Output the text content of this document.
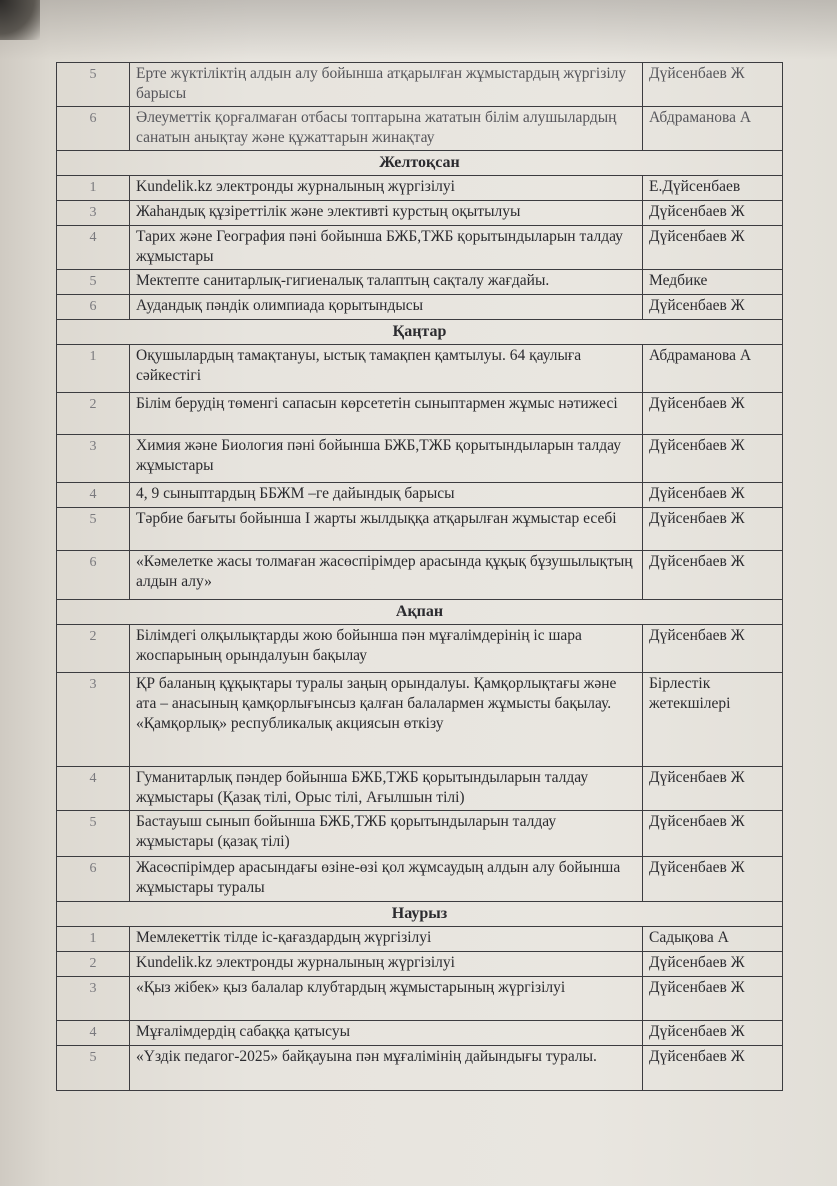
5	Ерте жүктіліктің алдын алу бойынша атқарылған жұмыстардың жүргізілу барысы	Дүйсенбаев Ж
6	Әлеуметтік қорғалмаған отбасы топтарына жататын білім алушылардың санатын анықтау және құжаттарын жинақтау	Абдраманова А
Желтоқсан		
1	Kundelik.kz электронды журналының жүргізілуі	Е.Дүйсенбаев
3	Жаһандық құзіреттілік және элективті курстың оқытылуы	Дүйсенбаев Ж
4	Тарих және География пәні бойынша БЖБ,ТЖБ қорытындыларын талдау жұмыстары	Дүйсенбаев Ж
5	Мектепте санитарлық-гигиеналық талаптың сақталу жағдайы.	Медбике
6	Аудандық пәндік олимпиада қорытындысы	Дүйсенбаев Ж
Қаңтар		
1	Оқушылардың тамақтануы, ыстық тамақпен қамтылуы. 64 қаулыға сәйкестігі	Абдраманова А
2	Білім берудің төменгі сапасын көрсететін сыныптармен жұмыс нәтижесі	Дүйсенбаев Ж
3	Химия және Биология пәні бойынша БЖБ,ТЖБ қорытындыларын талдау жұмыстары	Дүйсенбаев Ж
4	4, 9 сыныптардың ББЖМ –ге дайындық барысы	Дүйсенбаев Ж
5	Тәрбие бағыты бойынша І жарты жылдыққа атқарылған жұмыстар есебі	Дүйсенбаев Ж
6	«Кәмелетке жасы толмаған жасөспірімдер арасында құқық бұзушылықтың алдын алу»	Дүйсенбаев Ж
Ақпан		
2	Білімдегі олқылықтарды жою бойынша пән мұғалімдерінің іс шара жоспарының орындалуын бақылау	Дүйсенбаев Ж
3	ҚР баланың құқықтары туралы заңың орындалуы. Қамқорлықтағы және ата – анасының қамқорлығынсыз қалған балалармен жұмысты бақылау. «Қамқорлық» республикалық акциясын өткізу	Бірлестік жетекшілері
4	Гуманитарлық пәндер бойынша БЖБ,ТЖБ қорытындыларын талдау жұмыстары (Қазақ тілі, Орыс тілі, Ағылшын тілі)	Дүйсенбаев Ж
5	Бастауыш сынып бойынша БЖБ,ТЖБ қорытындыларын талдау жұмыстары (қазақ тілі)	Дүйсенбаев Ж
6	Жасөспірімдер арасындағы өзіне-өзі қол жұмсаудың алдын алу бойынша жұмыстары туралы	Дүйсенбаев Ж
Наурыз		
1	Мемлекеттік тілде іс-қағаздардың жүргізілуі	Садықова А
2	Kundelik.kz электронды журналының жүргізілуі	Дүйсенбаев Ж
3	«Қыз жібек» қыз балалар клубтардың жұмыстарының жүргізілуі	Дүйсенбаев Ж
4	Мұғалімдердің сабаққа қатысуы	Дүйсенбаев Ж
5	«Үздік педагог-2025» байқауына пән мұғалімінің дайындығы туралы.	Дүйсенбаев Ж
